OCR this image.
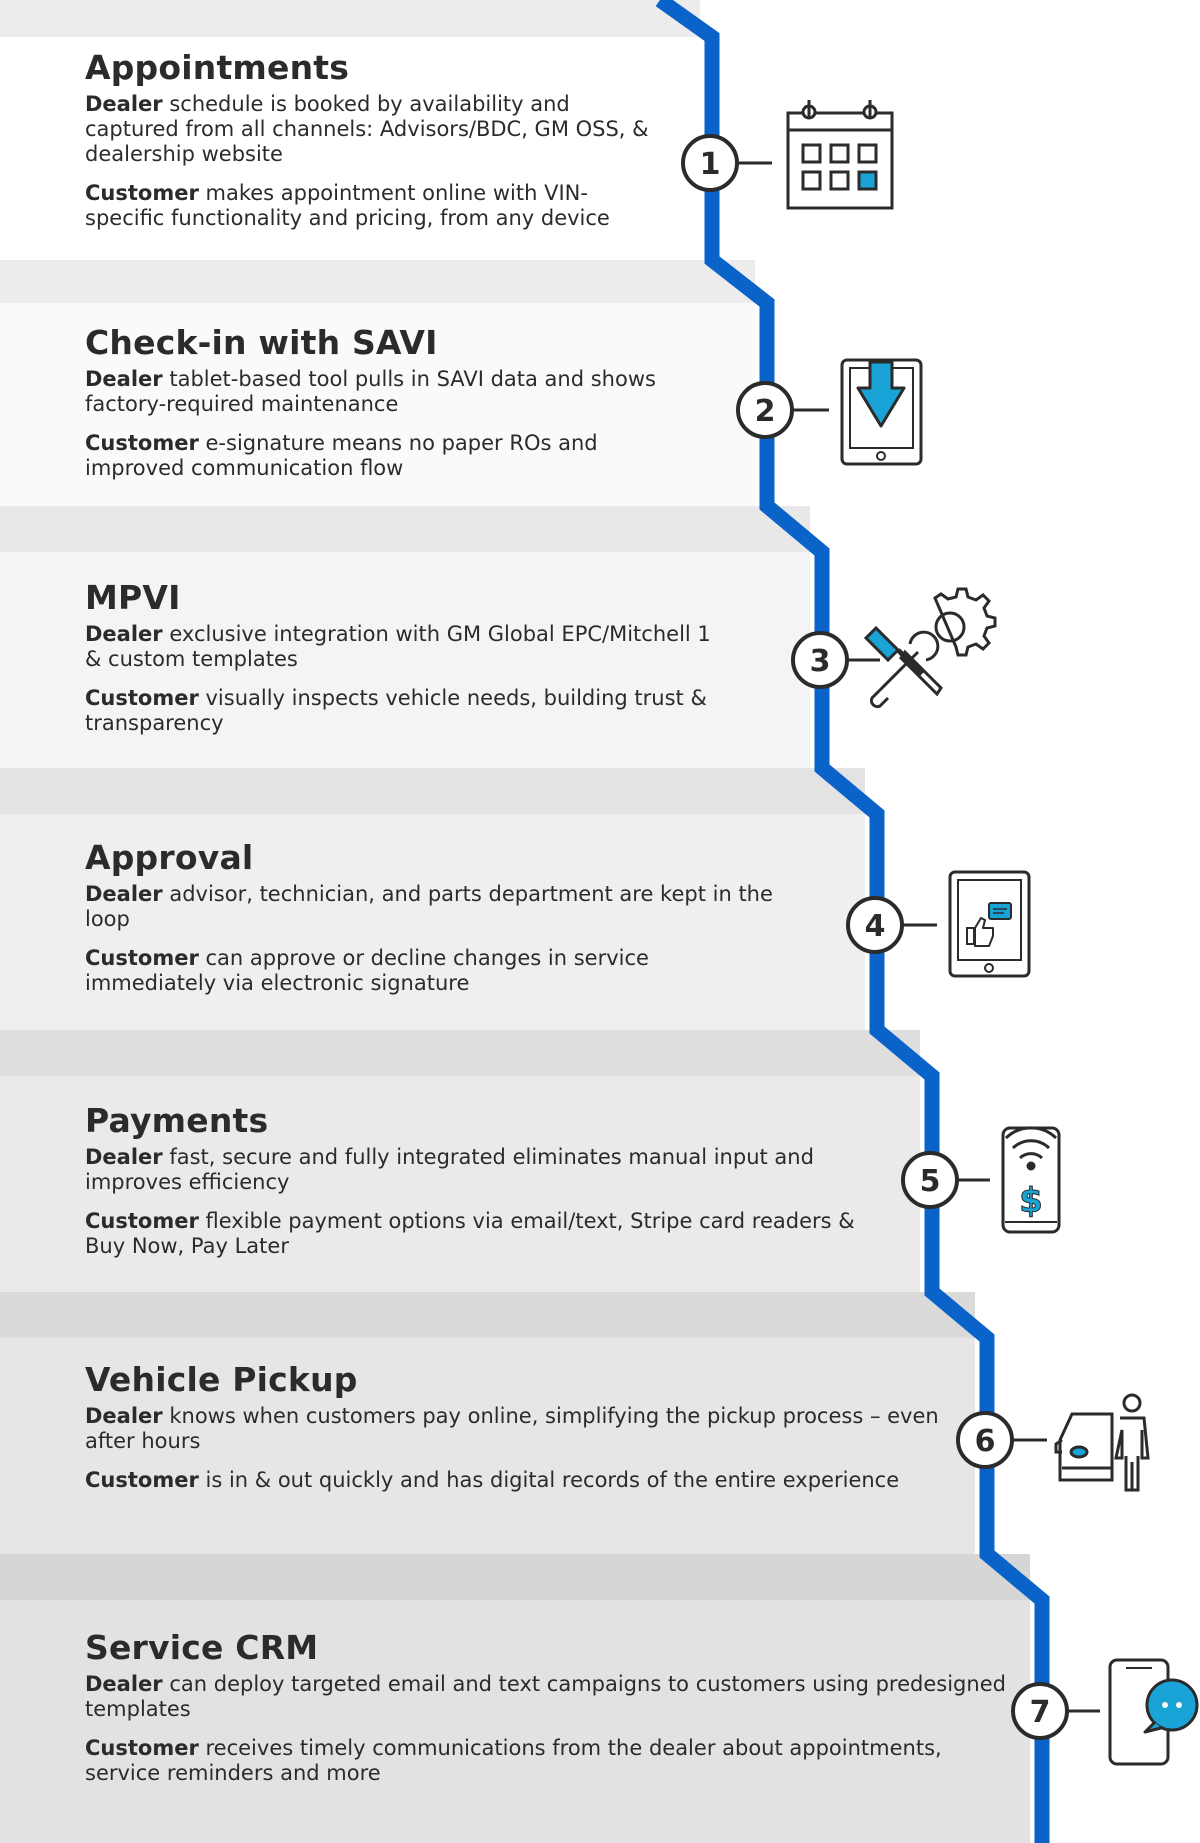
Appointments

Dealer schedule is booked by availability and captured from all channels: Advisors/BDC, GM OSS, & dealership website

Customer makes appointment online with VIN-specific functionality and pricing, from any device

Check-in with SAVI

Dealer tablet-based tool pulls in SAVI data and shows factory-required maintenance

Customer e-signature means no paper ROs and improved communication flow

MPVI

Dealer exclusive integration with GM Global EPC/Mitchell 1 & custom templates

Customer visually inspects vehicle needs, building trust & transparency

Approval

Dealer advisor, technician, and parts department are kept in the loop

Customer can approve or decline changes in service immediately via electronic signature

Payments

Dealer fast, secure and fully integrated eliminates manual input and improves efficiency

Customer flexible payment options via email/text, Stripe card readers & Buy Now, Pay Later

Vehicle Pickup

Dealer knows when customers pay online, simplifying the pickup process – even after hours

Customer is in & out quickly and has digital records of the entire experience

Service CRM

Dealer can deploy targeted email and text campaigns to customers using predesigned templates

Customer receives timely communications from the dealer about appointments, service reminders and more

1
2
3
4
5 $
6
7
